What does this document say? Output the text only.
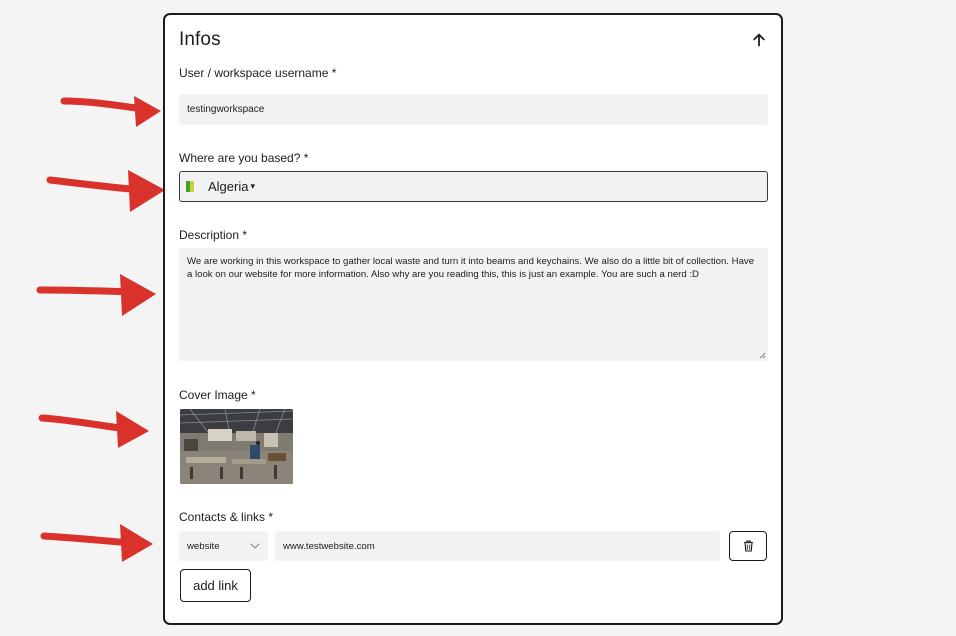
Infos
User / workspace username *
testingworkspace
Where are you based? *
Algeria ▾
Description *
We are working in this workspace to gather local waste and turn it into beams and keychains. We also do a little bit of collection. Have a look on our website for more information. Also why are you reading this, this is just an example. You are such a nerd :D
Cover Image *
Contacts & links *
website	www.testwebsite.com
add link
